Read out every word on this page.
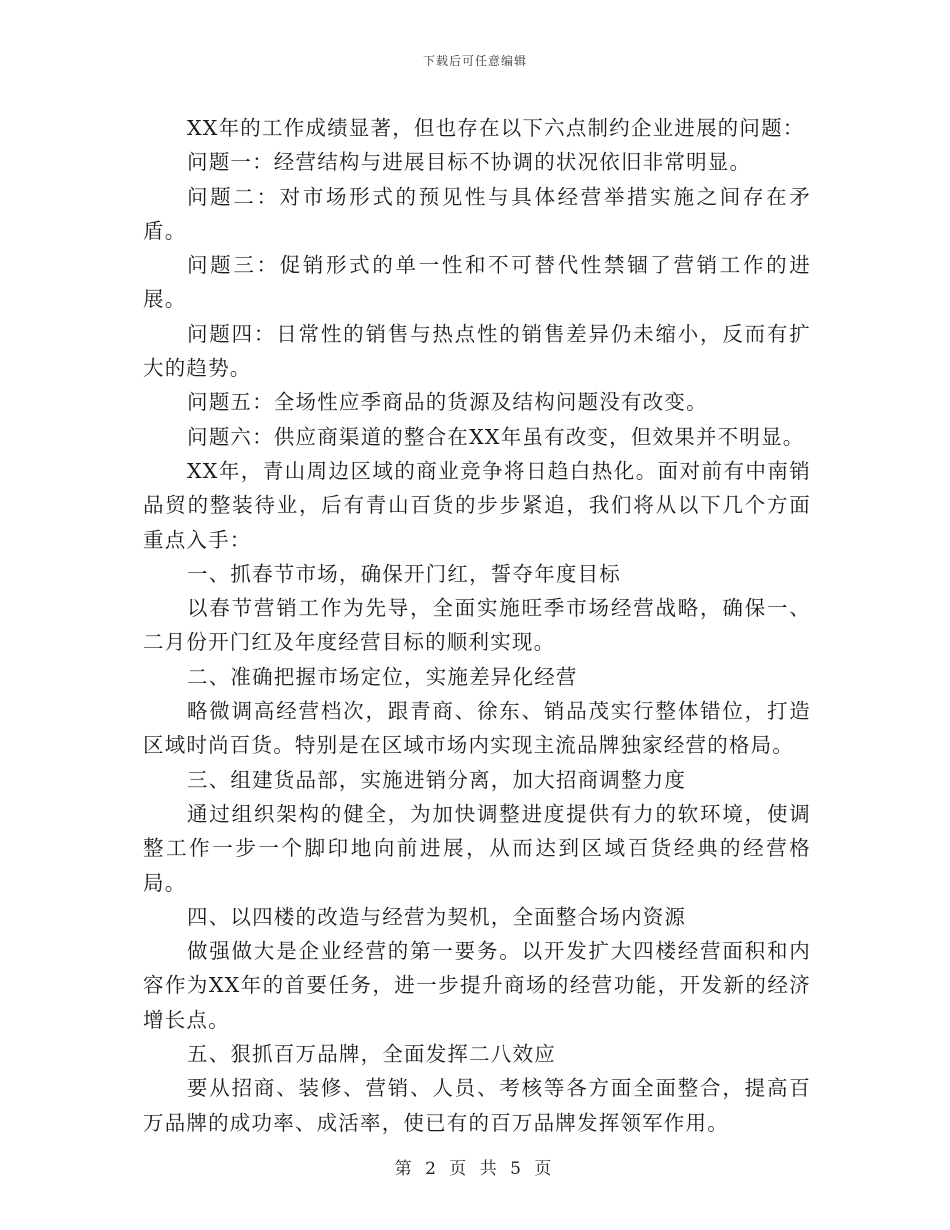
下载后可任意编辑

XX年的工作成绩显著，但也存在以下六点制约企业进展的问题：

问题一：经营结构与进展目标不协调的状况依旧非常明显。

问题二：对市场形式的预见性与具体经营举措实施之间存在矛盾。

问题三：促销形式的单一性和不可替代性禁锢了营销工作的进展。

问题四：日常性的销售与热点性的销售差异仍未缩小，反而有扩大的趋势。

问题五：全场性应季商品的货源及结构问题没有改变。

问题六：供应商渠道的整合在XX年虽有改变，但效果并不明显。

XX年，青山周边区域的商业竞争将日趋白热化。面对前有中南销品贸的整装待业，后有青山百货的步步紧追，我们将从以下几个方面重点入手：

一、抓春节市场，确保开门红，誓夺年度目标

以春节营销工作为先导，全面实施旺季市场经营战略，确保一、二月份开门红及年度经营目标的顺利实现。

二、准确把握市场定位，实施差异化经营

略微调高经营档次，跟青商、徐东、销品茂实行整体错位，打造区域时尚百货。特别是在区域市场内实现主流品牌独家经营的格局。

三、组建货品部，实施进销分离，加大招商调整力度

通过组织架构的健全，为加快调整进度提供有力的软环境，使调整工作一步一个脚印地向前进展，从而达到区域百货经典的经营格局。

四、以四楼的改造与经营为契机，全面整合场内资源

做强做大是企业经营的第一要务。以开发扩大四楼经营面积和内容作为XX年的首要任务，进一步提升商场的经营功能，开发新的经济增长点。

五、狠抓百万品牌，全面发挥二八效应

要从招商、装修、营销、人员、考核等各方面全面整合，提高百万品牌的成功率、成活率，使已有的百万品牌发挥领军作用。

第 2 页 共 5 页
